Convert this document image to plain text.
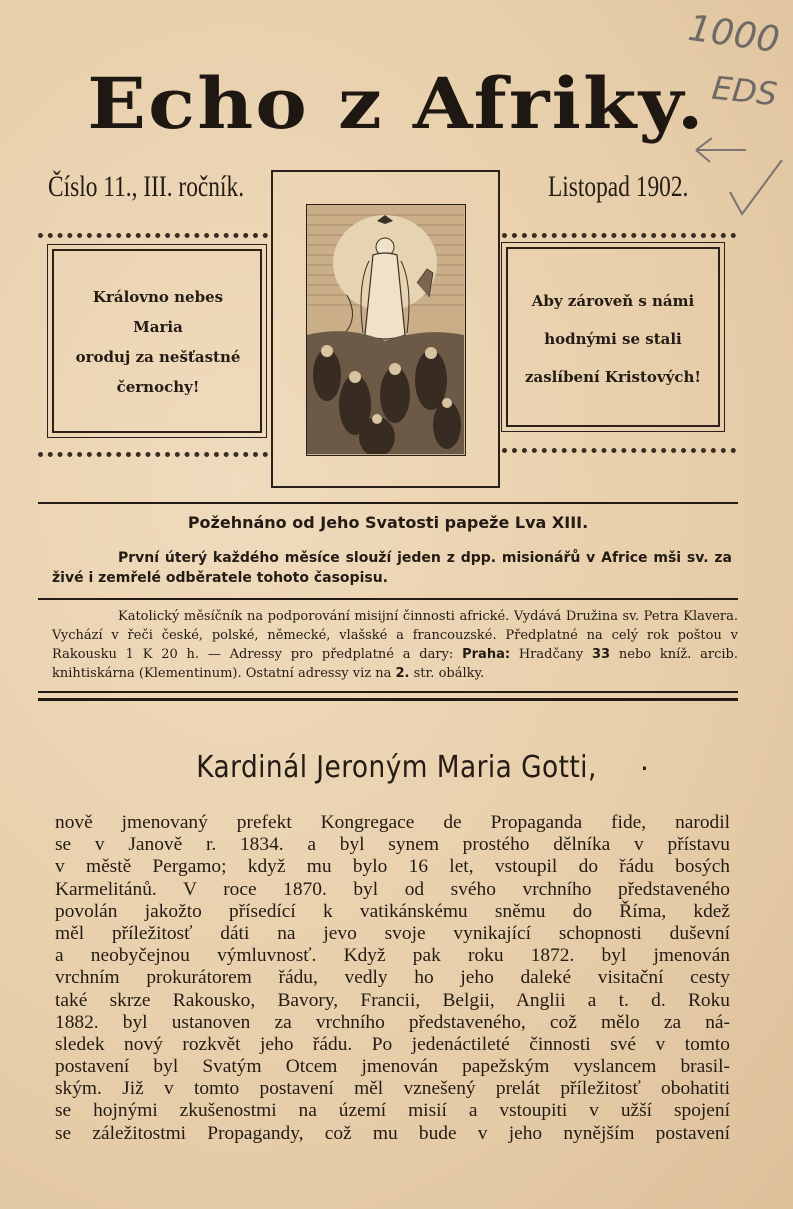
1000
EDS
Echo z Afriky.
Číslo 11., III. ročník.	Listopad 1902.
Královno nebes
Maria
oroduj za nešťastné
černochy!
Aby zároveň s námi
hodnými se stali
zaslíbení Kristových!
Požehnáno od Jeho Svatosti papeže Lva XIII.
První úterý každého měsíce slouží jeden z dpp. misionářů v Africe mši sv. za živé i zemřelé odběratele tohoto časopisu.
Katolický měsíčník na podporování misijní činnosti africké. Vydává Družina sv. Petra Klavera. Vychází v řeči české, polské, německé, vlašské a francouzské. Předplatné na celý rok poštou v Rakousku 1 K 20 h. — Adressy pro předplatné a dary: Praha: Hradčany 33 nebo kníž. arcib. knihtiskárna (Klementinum). Ostatní adressy viz na 2. str. obálky.
Kardinál Jeroným Maria Gotti,	·
nově jmenovaný prefekt Kongregace de Propaganda fide, narodil
se v Janově r. 1834. a byl synem prostého dělníka v přístavu
v městě Pergamo; když mu bylo 16 let, vstoupil do řádu bosých
Karmelitánů. V roce 1870. byl od svého vrchního představeného
povolán jakožto přísedící k vatikánskému sněmu do Říma, kdež
měl příležitosť dáti na jevo svoje vynikající schopnosti duševní
a neobyčejnou výmluvnosť. Když pak roku 1872. byl jmenován
vrchním prokurátorem řádu, vedly ho jeho daleké visitační cesty
také skrze Rakousko, Bavory, Francii, Belgii, Anglii a t. d. Roku
1882. byl ustanoven za vrchního představeného, což mělo za ná-
sledek nový rozkvět jeho řádu. Po jedenáctileté činnosti své v tomto
postavení byl Svatým Otcem jmenován papežským vyslancem brasil-
ským. Již v tomto postavení měl vznešený prelát příležitosť obohatiti
se hojnými zkušenostmi na území misií a vstoupiti v užší spojení
se záležitostmi Propagandy, což mu bude v jeho nynějším postavení
